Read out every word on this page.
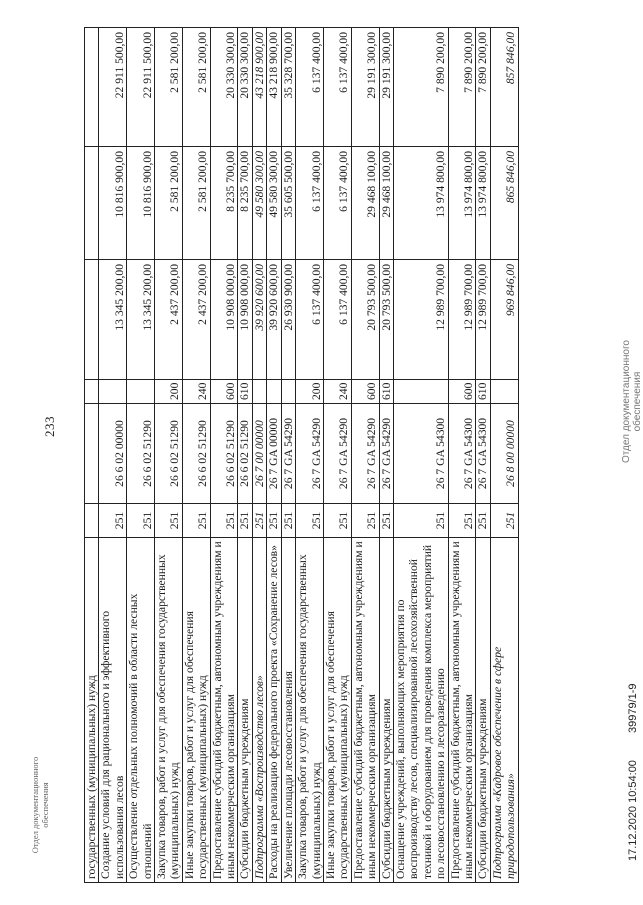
233
Отдел документационного обеспечения	государственных (муниципальных) нужд						
Создание условий для рационального и эффективного использования лесов	251	26 6 02 00000		13 345 200,00	10 816 900,00	22 911 500,00
Осуществление отдельных полномочий в области лесных отношений	251	26 6 02 51290		13 345 200,00	10 816 900,00	22 911 500,00
Закупка товаров, работ и услуг для обеспечения государственных (муниципальных) нужд	251	26 6 02 51290	200	2 437 200,00	2 581 200,00	2 581 200,00
Иные закупки товаров, работ и услуг для обеспечения государственных (муниципальных) нужд	251	26 6 02 51290	240	2 437 200,00	2 581 200,00	2 581 200,00
Предоставление субсидий бюджетным, автономным учреждениям и иным некоммерческим организациям	251	26 6 02 51290	600	10 908 000,00	8 235 700,00	20 330 300,00
Субсидии бюджетным учреждениям	251	26 6 02 51290	610	10 908 000,00	8 235 700,00	20 330 300,00
Подпрограмма «Воспроизводство лесов»	251	26 7 00 00000		39 920 600,00	49 580 300,00	43 218 900,00
Расходы на реализацию федерального проекта «Сохранение лесов»	251	26 7 GA 00000		39 920 600,00	49 580 300,00	43 218 900,00
Увеличение площади лесовосстановления	251	26 7 GA 54290		26 930 900,00	35 605 500,00	35 328 700,00
Закупка товаров, работ и услуг для обеспечения государственных (муниципальных) нужд	251	26 7 GA 54290	200	6 137 400,00	6 137 400,00	6 137 400,00
Иные закупки товаров, работ и услуг для обеспечения государственных (муниципальных) нужд	251	26 7 GA 54290	240	6 137 400,00	6 137 400,00	6 137 400,00
Предоставление субсидий бюджетным, автономным учреждениям и иным некоммерческим организациям	251	26 7 GA 54290	600	20 793 500,00	29 468 100,00	29 191 300,00
Субсидии бюджетным учреждениям	251	26 7 GA 54290	610	20 793 500,00	29 468 100,00	29 191 300,00
Оснащение учреждений, выполняющих мероприятия по воспроизводству лесов, специализированной лесохозяйственной техникой и оборудованием для проведения комплекса мероприятий по лесовосстановлению и лесоразведению	251	26 7 GA 54300		12 989 700,00	13 974 800,00	7 890 200,00
Предоставление субсидий бюджетным, автономным учреждениям и иным некоммерческим организациям	251	26 7 GA 54300	600	12 989 700,00	13 974 800,00	7 890 200,00
Субсидии бюджетным учреждениям	251	26 7 GA 54300	610	12 989 700,00	13 974 800,00	7 890 200,00
Подпрограмма «Кадровое обеспечение в сфере природопользования»	251	26 8 00 00000		969 846,00	865 846,00	857 846,00
17.12.2020 10:54:00
39979/1-9
Отдел документационного
обеспечения
